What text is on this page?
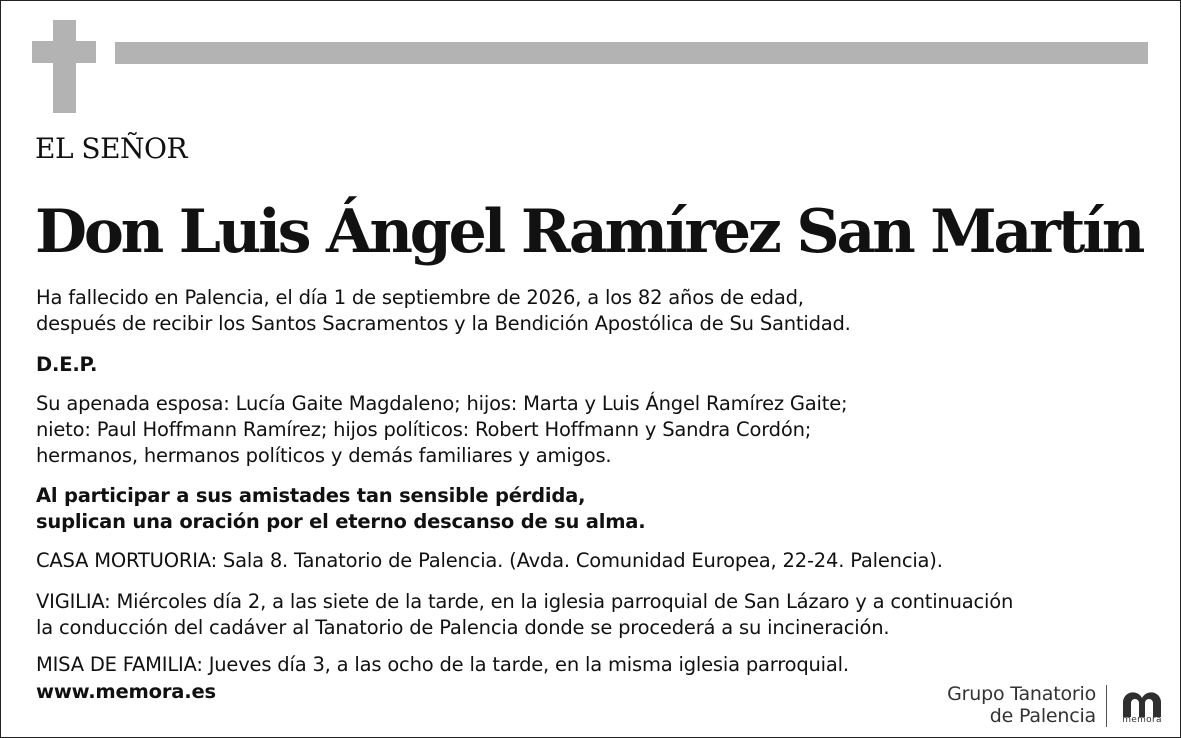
EL SEÑOR
Don Luis Ángel Ramírez San Martín
Ha fallecido en Palencia, el día 1 de septiembre de 2026, a los 82 años de edad,
después de recibir los Santos Sacramentos y la Bendición Apostólica de Su Santidad.
D.E.P.
Su apenada esposa: Lucía Gaite Magdaleno; hijos: Marta y Luis Ángel Ramírez Gaite;
nieto: Paul Hoffmann Ramírez; hijos políticos: Robert Hoffmann y Sandra Cordón;
hermanos, hermanos políticos y demás familiares y amigos.
Al participar a sus amistades tan sensible pérdida,
suplican una oración por el eterno descanso de su alma.
CASA MORTUORIA: Sala 8. Tanatorio de Palencia. (Avda. Comunidad Europea, 22-24. Palencia).
VIGILIA: Miércoles día 2, a las siete de la tarde, en la iglesia parroquial de San Lázaro y a continuación
la conducción del cadáver al Tanatorio de Palencia donde se procederá a su incineración.
MISA DE FAMILIA: Jueves día 3, a las ocho de la tarde, en la misma iglesia parroquial.
www.memora.es	Grupo Tanatorio
de Palencia	memora
